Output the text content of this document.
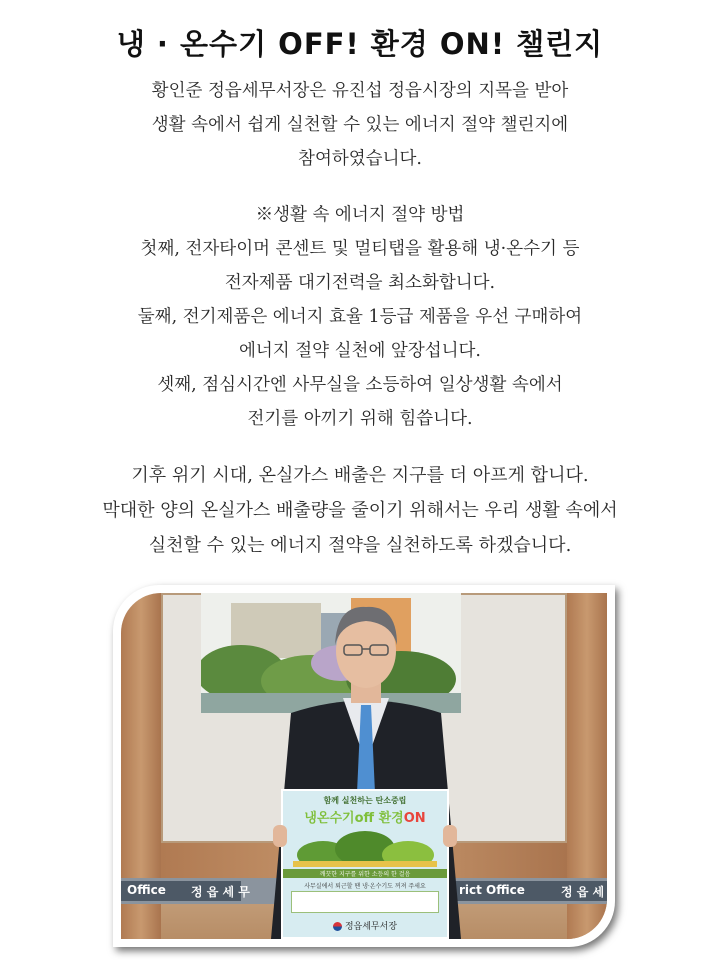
냉 · 온수기 OFF! 환경 ON! 챌린지
황인준 정읍세무서장은 유진섭 정읍시장의 지목을 받아
생활 속에서 쉽게 실천할 수 있는 에너지 절약 챌린지에
참여하였습니다.
※생활 속 에너지 절약 방법
첫째, 전자타이머 콘센트 및 멀티탭을 활용해 냉·온수기 등
전자제품 대기전력을 최소화합니다.
둘째, 전기제품은 에너지 효율 1등급 제품을 우선 구매하여
에너지 절약 실천에 앞장섭니다.
셋째, 점심시간엔 사무실을 소등하여 일상생활 속에서
전기를 아끼기 위해 힘씁니다.
기후 위기 시대, 온실가스 배출은 지구를 더 아프게 합니다.
막대한 양의 온실가스 배출량을 줄이기 위해서는 우리 생활 속에서
실천할 수 있는 에너지 절약을 실천하도록 하겠습니다.
Office 정 읍 세 무	rict Office	정 읍 세
함께 실천하는 탄소중립
냉온수기off 환경ON
깨끗한 지구를 위한 소등의 한 걸음
사무실에서 퇴근할 땐 냉·온수기도 꺼져 주세요
정읍세무서장
